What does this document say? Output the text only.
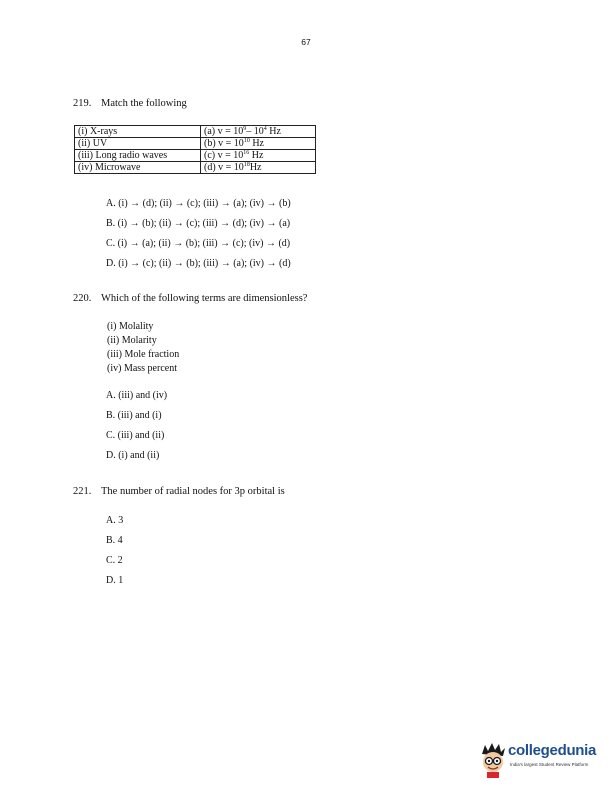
67
219. Match the following
(i) X-rays	(a) $v = 10^9-$ $10^4$ Hz
(ii) UV	(b) $v = 10^{10}$ Hz
(iii) Long radio waves	(c) $v = 10^{16}$ Hz
(iv) Microwave	(d) $v = 10^{18}Hz$
A. (i) → (d); (ii) → (c); (iii) → (a); (iv) → (b)
B. (i) → (b); (ii) → (c); (iii) → (d); (iv) → (a)
C. (i) → (a); (ii) → (b); (iii) → (c); (iv) → (d)
D. (i) → (c); (ii) → (b); (iii) → (a); (iv) → (d)
220. Which of the following terms are dimensionless?
(i) Molality
(ii) Molarity
(iii) Mole fraction
(iv) Mass percent
A. (iii) and (iv)
B. (iii) and (i)
C. (iii) and (ii)
D. (i) and (ii)
221. The number of radial nodes for 3p orbital is
A. 3
B. 4
C. 2
D. 1
collegedunia
India's largest Student Review Platform
